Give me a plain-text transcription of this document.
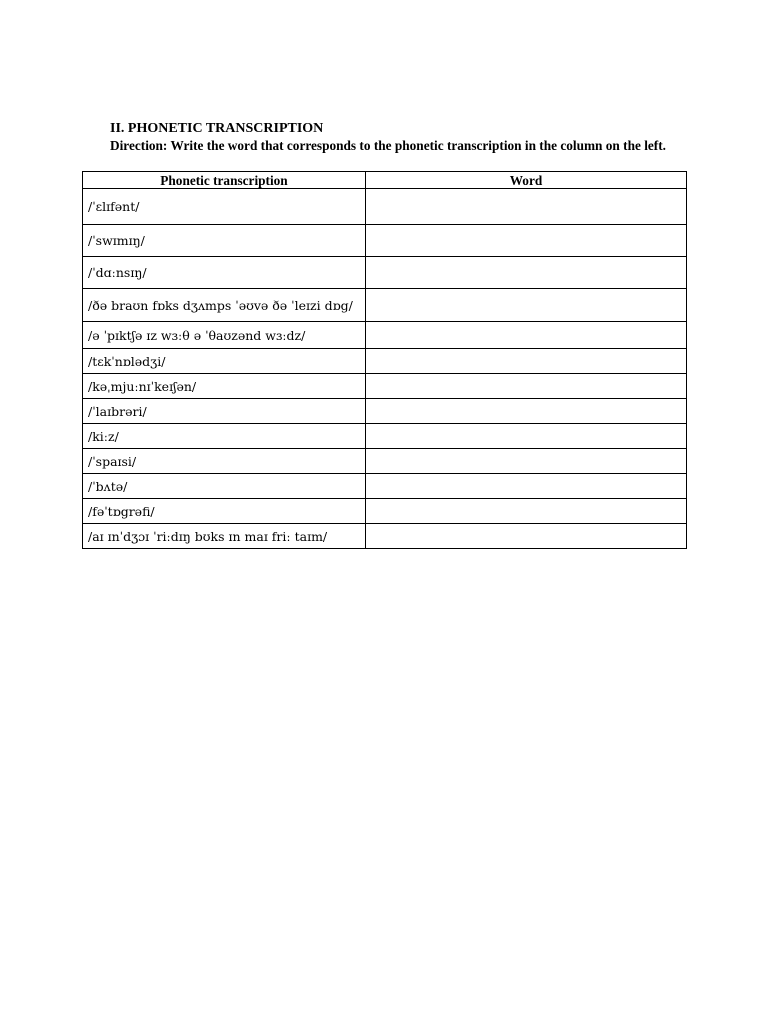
II. PHONETIC TRANSCRIPTION
Direction: Write the word that corresponds to the phonetic transcription in the column on the left.
Phonetic transcription	Word
/ˈɛlɪfənt/	
/ˈswɪmɪŋ/	
/ˈdɑːnsɪŋ/	
/ðə braʊn fɒks dʒʌmps ˈəʊvə ðə ˈleɪzi dɒg/	
/ə ˈpɪktʃə ɪz wɜːθ ə ˈθaʊzənd wɜːdz/	
/tɛkˈnɒlədʒi/	
/kəˌmjuːnɪˈkeɪʃən/	
/ˈlaɪbrəri/	
/kiːz/	
/ˈspaɪsi/	
/ˈbʌtə/	
/fəˈtɒgrəfi/	
/aɪ ɪnˈdʒɔɪ ˈriːdɪŋ bʊks ɪn maɪ friː taɪm/	
